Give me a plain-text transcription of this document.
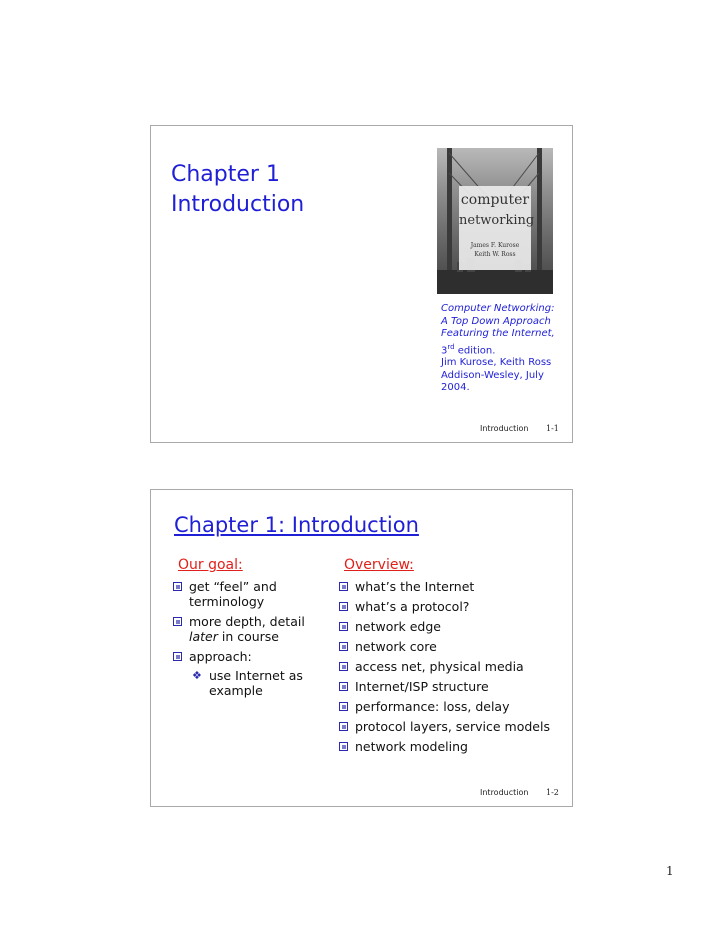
Chapter 1
Introduction	computer
networking
James F. Kurose
Keith W. Ross
Computer Networking:
A Top Down Approach
Featuring the Internet,
3rd edition.
Jim Kurose, Keith Ross
Addison-Wesley, July
2004.
Introduction	1-1
Chapter 1: Introduction
Our goal:
get “feel” and
terminology
more depth, detail
later in course
approach:
❖ use Internet as
example
Overview:
what’s the Internet
what’s a protocol?
network edge
network core
access net, physical media
Internet/ISP structure
performance: loss, delay
protocol layers, service models
network modeling
Introduction	1-2
1
